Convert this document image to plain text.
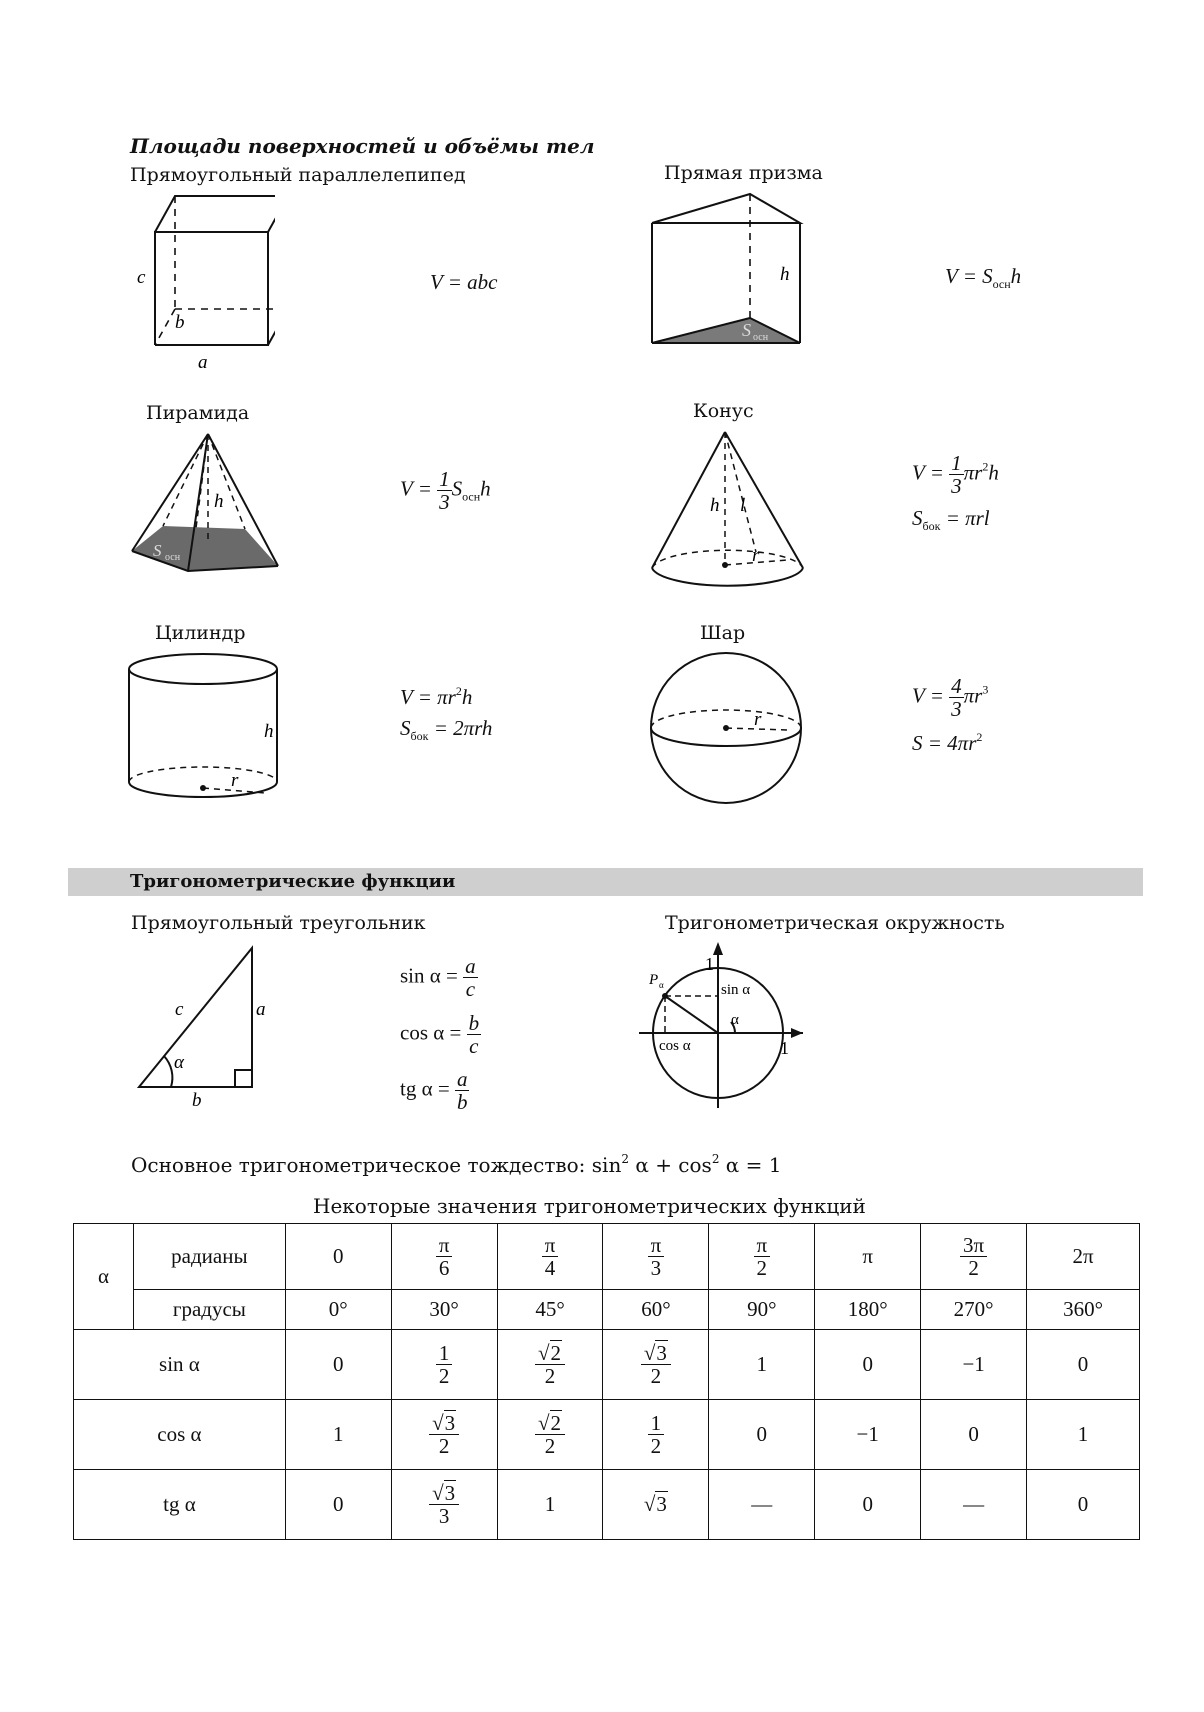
Площади поверхностей и объёмы тел
Прямоугольный параллелепипед
c
b
a
V = abc
Прямая призма
h
S осн
$V = S_{осн}h$
Пирамида
h
S осн
$V = \frac{1}{3} S_{осн}h$
Конус
h l
r
$V = \frac{1}{3} \pi r^2h$
$S_{бок} = \pi rl$
Цилиндр
h
r
$V = \pi r^2h$
$S_{бок} = 2\pi rh$
Шар
r
$V = \frac{4}{3} \pi r^3$
$S = 4\pi r^2$
Тригонометрические функции
Прямоугольный треугольник
c	a
α
b
$\sin \alpha = \frac{a}{c}$
$\cos \alpha = \frac{b}{c}$
tg $\alpha = \frac{a}{b}$
Тригонометрическая окружность
P α
1
sin α
α
cos α	1
Основное тригонометрическое тождество: $\sin^2 \alpha + \cos^2 \alpha = 1$
Некоторые значения тригонометрических функций
α	радианы	0	$\frac{\pi}{6}$	$\frac{\pi}{4}$	$\frac{\pi}{3}$	$\frac{\pi}{2}$	π	$\frac{3\pi}{2}$	2π
	градусы	0°	30°	45°	60°	90°	180°	270°	360°
sin α		0	$\frac{1}{2}$	$\frac{√2}{2}$	$\frac{√3}{2}$	1	0	−1	0
cos α		1	$\frac{√3}{2}$	$\frac{√2}{2}$	$\frac{1}{2}$	0	−1	0	1
tg α		0	$\frac{√3}{3}$	1	√3	—	0	—	0
